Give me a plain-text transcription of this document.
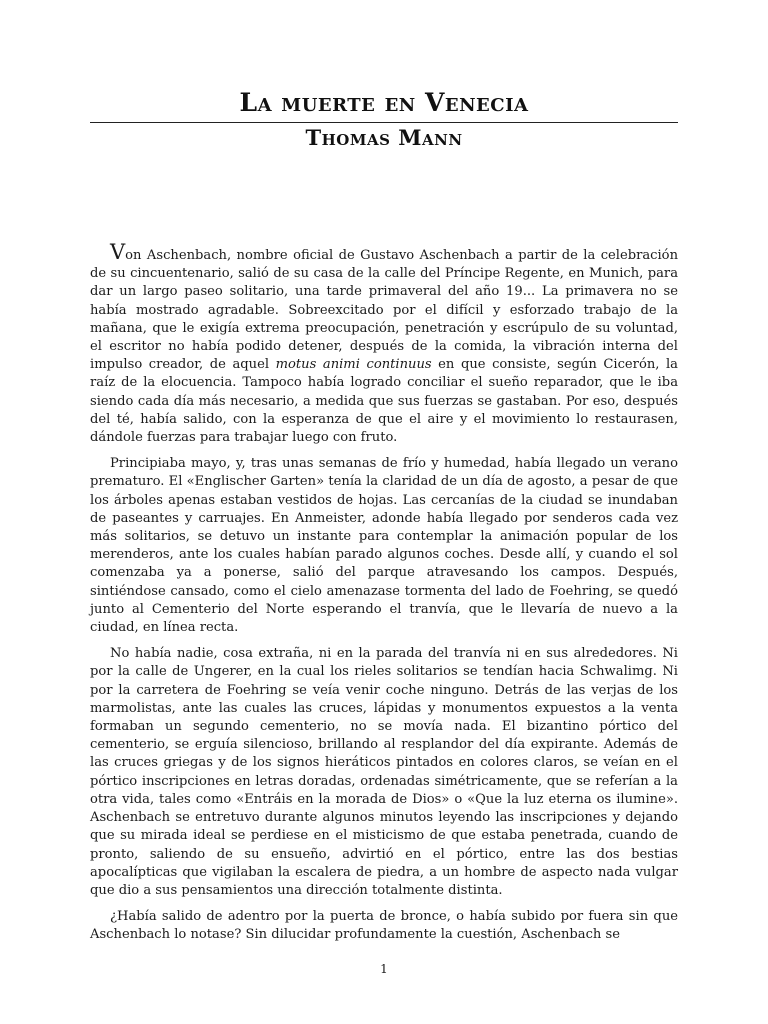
La muerte en Venecia
Thomas Mann

Von Aschenbach, nombre oficial de Gustavo Aschenbach a partir de la celebración de su cincuentenario, salió de su casa de la calle del Príncipe Regente, en Munich, para dar un largo paseo solitario, una tarde primaveral del año 19... La primavera no se había mostrado agradable. Sobreexcitado por el difícil y esforzado trabajo de la mañana, que le exigía extrema preocupación, penetración y escrúpulo de su voluntad, el escritor no había podido detener, después de la comida, la vibración interna del impulso creador, de aquel motus animi continuus en que consiste, según Cicerón, la raíz de la elocuencia. Tampoco había logrado conciliar el sueño reparador, que le iba siendo cada día más necesario, a medida que sus fuerzas se gastaban. Por eso, después del té, había salido, con la esperanza de que el aire y el movimiento lo restaurasen, dándole fuerzas para trabajar luego con fruto.

Principiaba mayo, y, tras unas semanas de frío y humedad, había llegado un verano prematuro. El «Englischer Garten» tenía la claridad de un día de agosto, a pesar de que los árboles apenas estaban vestidos de hojas. Las cercanías de la ciudad se inundaban de paseantes y carruajes. En Anmeister, adonde había llegado por senderos cada vez más solitarios, se detuvo un instante para contemplar la animación popular de los merenderos, ante los cuales habían parado algunos coches. Desde allí, y cuando el sol comenzaba ya a ponerse, salió del parque atravesando los campos. Después, sintiéndose cansado, como el cielo amenazase tormenta del lado de Foehring, se quedó junto al Cementerio del Norte esperando el tranvía, que le llevaría de nuevo a la ciudad, en línea recta.

No había nadie, cosa extraña, ni en la parada del tranvía ni en sus alrededores. Ni por la calle de Ungerer, en la cual los rieles solitarios se tendían hacia Schwalimg. Ni por la carretera de Foehring se veía venir coche ninguno. Detrás de las verjas de los marmolistas, ante las cuales las cruces, lápidas y monumentos expuestos a la venta formaban un segundo cementerio, no se movía nada. El bizantino pórtico del cementerio, se erguía silencioso, brillando al resplandor del día expirante. Además de las cruces griegas y de los signos hieráticos pintados en colores claros, se veían en el pórtico inscripciones en letras doradas, ordenadas simétricamente, que se referían a la otra vida, tales como «Entráis en la morada de Dios» o «Que la luz eterna os ilumine». Aschenbach se entretuvo durante algunos minutos leyendo las inscripciones y dejando que su mirada ideal se perdiese en el misticismo de que estaba penetrada, cuando de pronto, saliendo de su ensueño, advirtió en el pórtico, entre las dos bestias apocalípticas que vigilaban la escalera de piedra, a un hombre de aspecto nada vulgar que dio a sus pensamientos una dirección totalmente distinta.

¿Había salido de adentro por la puerta de bronce, o había subido por fuera sin que Aschenbach lo notase? Sin dilucidar profundamente la cuestión, Aschenbach se

1
